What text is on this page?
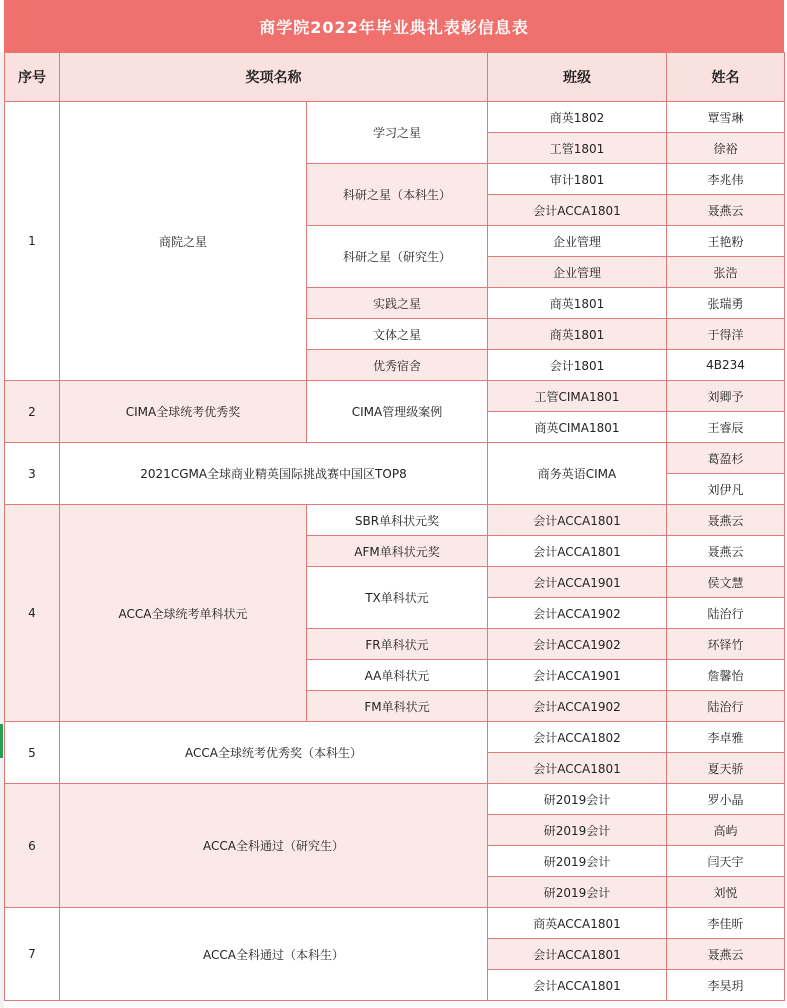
商学院2022年毕业典礼表彰信息表
序号	奖项名称		班级	姓名
1	商院之星	学习之星	商英1802	覃雪琳
			工管1801	徐裕
		科研之星（本科生）	审计1801	李兆伟
			会计ACCA1801	聂燕云
		科研之星（研究生）	企业管理	王艳粉
			企业管理	张浩
		实践之星	商英1801	张瑞勇
		文体之星	商英1801	于得洋
		优秀宿舍	会计1801	4B234
2	CIMA全球统考优秀奖	CIMA管理级案例	工管CIMA1801	刘卿予
			商英CIMA1801	王睿辰
3	2021CGMA全球商业精英国际挑战赛中国区TOP8		商务英语CIMA	葛盈杉
				刘伊凡
4	ACCA全球统考单科状元	SBR单科状元奖	会计ACCA1801	聂燕云
		AFM单科状元奖	会计ACCA1801	聂燕云
		TX单科状元	会计ACCA1901	侯文慧
			会计ACCA1902	陆治行
		FR单科状元	会计ACCA1902	环铎竹
		AA单科状元	会计ACCA1901	詹馨怡
		FM单科状元	会计ACCA1902	陆治行
5	ACCA全球统考优秀奖（本科生）		会计ACCA1802	李卓雅
			会计ACCA1801	夏天骄
6	ACCA全科通过（研究生）		研2019会计	罗小晶
			研2019会计	高屿
			研2019会计	闫天宇
			研2019会计	刘悦
7	ACCA全科通过（本科生）		商英ACCA1801	李佳昕
			会计ACCA1801	聂燕云
			会计ACCA1801	李昊玥
